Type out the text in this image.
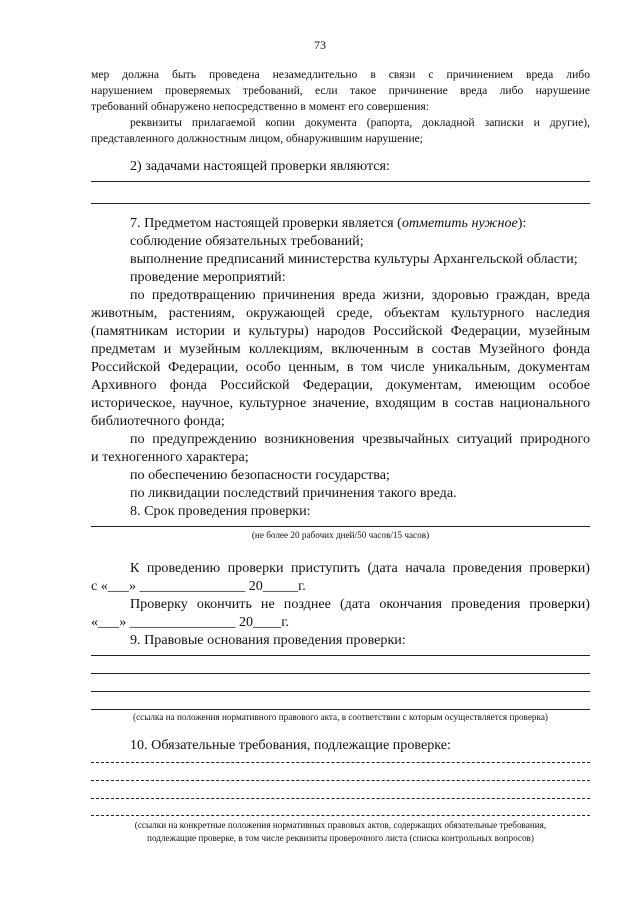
73
мер должна быть проведена незамедлительно в связи с причинением вреда либо
нарушением проверяемых требований, если такое причинение вреда либо нарушение
требований обнаружено непосредственно в момент его совершения:
реквизиты прилагаемой копии документа (рапорта, докладной записки и другие),
представленного должностным лицом, обнаружившим нарушение;
2) задачами настоящей проверки являются:
7. Предметом настоящей проверки является (отметить нужное):
соблюдение обязательных требований;
выполнение предписаний министерства культуры Архангельской области;
проведение мероприятий:
по предотвращению причинения вреда жизни, здоровью граждан, вреда
животным, растениям, окружающей среде, объектам культурного наследия
(памятникам истории и культуры) народов Российской Федерации, музейным
предметам и музейным коллекциям, включенным в состав Музейного фонда
Российской Федерации, особо ценным, в том числе уникальным, документам
Архивного фонда Российской Федерации, документам, имеющим особое
историческое, научное, культурное значение, входящим в состав национального
библиотечного фонда;
по предупреждению возникновения чрезвычайных ситуаций природного
и техногенного характера;
по обеспечению безопасности государства;
по ликвидации последствий причинения такого вреда.
8. Срок проведения проверки:
(не более 20 рабочих дней/50 часов/15 часов)
К проведению проверки приступить (дата начала проведения проверки)
с «___» _______________ 20_____г.
Проверку окончить не позднее (дата окончания проведения проверки)
«___» _______________ 20____г.
9. Правовые основания проведения проверки:
(ссылка на положения нормативного правового акта, в соответствии с которым осуществляется проверка)
10. Обязательные требования, подлежащие проверке:
(ссылки на конкретные положения нормативных правовых актов, содержащих обязательные требования,
подлежащие проверке, в том числе реквизиты проверочного листа (списка контрольных вопросов)
